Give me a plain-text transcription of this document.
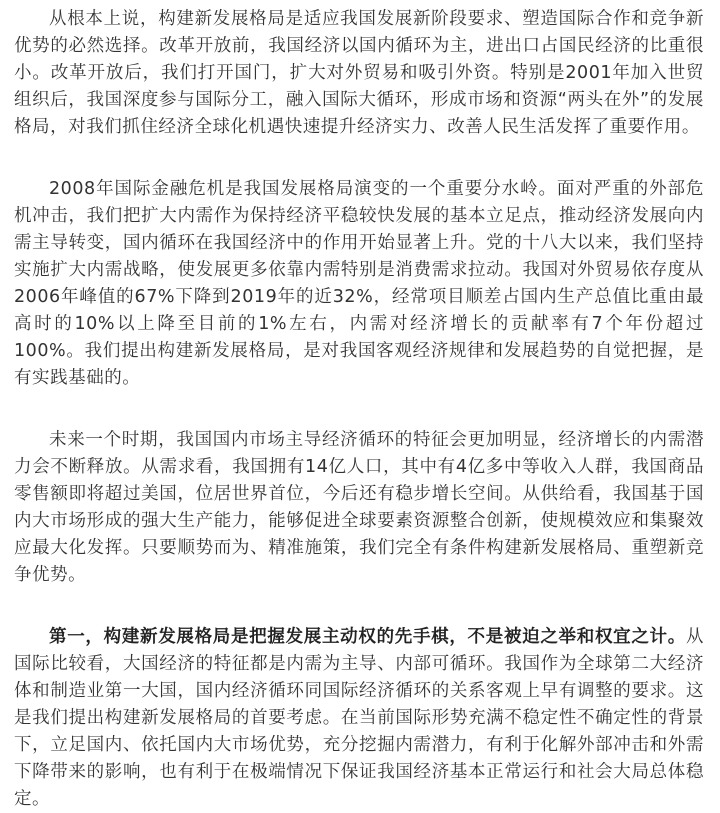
从根本上说，构建新发展格局是适应我国发展新阶段要求、塑造国际合作和竞争新优势的必然选择。改革开放前，我国经济以国内循环为主，进出口占国民经济的比重很小。改革开放后，我们打开国门，扩大对外贸易和吸引外资。特别是2001年加入世贸组织后，我国深度参与国际分工，融入国际大循环，形成市场和资源“两头在外”的发展格局，对我们抓住经济全球化机遇快速提升经济实力、改善人民生活发挥了重要作用。

2008年国际金融危机是我国发展格局演变的一个重要分水岭。面对严重的外部危机冲击，我们把扩大内需作为保持经济平稳较快发展的基本立足点，推动经济发展向内需主导转变，国内循环在我国经济中的作用开始显著上升。党的十八大以来，我们坚持实施扩大内需战略，使发展更多依靠内需特别是消费需求拉动。我国对外贸易依存度从2006年峰值的67%下降到2019年的近32%，经常项目顺差占国内生产总值比重由最高时的10%以上降至目前的1%左右，内需对经济增长的贡献率有7个年份超过100%。我们提出构建新发展格局，是对我国客观经济规律和发展趋势的自觉把握，是有实践基础的。

未来一个时期，我国国内市场主导经济循环的特征会更加明显，经济增长的内需潜力会不断释放。从需求看，我国拥有14亿人口，其中有4亿多中等收入人群，我国商品零售额即将超过美国，位居世界首位，今后还有稳步增长空间。从供给看，我国基于国内大市场形成的强大生产能力，能够促进全球要素资源整合创新，使规模效应和集聚效应最大化发挥。只要顺势而为、精准施策，我们完全有条件构建新发展格局、重塑新竞争优势。

第一，构建新发展格局是把握发展主动权的先手棋，不是被迫之举和权宜之计。从国际比较看，大国经济的特征都是内需为主导、内部可循环。我国作为全球第二大经济体和制造业第一大国，国内经济循环同国际经济循环的关系客观上早有调整的要求。这是我们提出构建新发展格局的首要考虑。在当前国际形势充满不稳定性不确定性的背景下，立足国内、依托国内大市场优势，充分挖掘内需潜力，有利于化解外部冲击和外需下降带来的影响，也有利于在极端情况下保证我国经济基本正常运行和社会大局总体稳定。
